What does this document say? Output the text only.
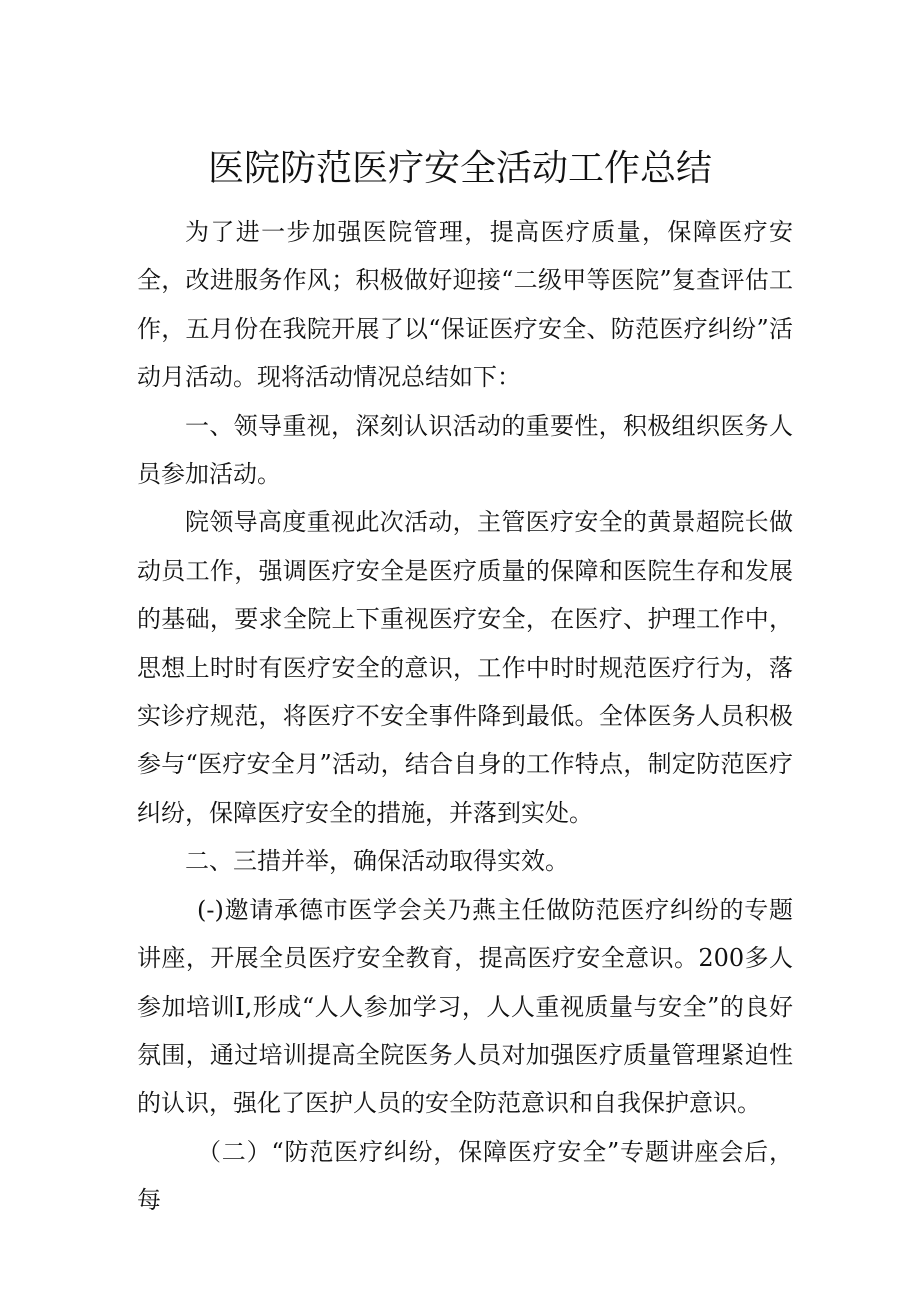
医院防范医疗安全活动工作总结

为了进一步加强医院管理，提高医疗质量，保障医疗安全，改进服务作风；积极做好迎接“二级甲等医院”复查评估工作，五月份在我院开展了以“保证医疗安全、防范医疗纠纷”活动月活动。现将活动情况总结如下：

一、领导重视，深刻认识活动的重要性，积极组织医务人员参加活动。

院领导高度重视此次活动，主管医疗安全的黄景超院长做动员工作，强调医疗安全是医疗质量的保障和医院生存和发展的基础，要求全院上下重视医疗安全，在医疗、护理工作中，思想上时时有医疗安全的意识，工作中时时规范医疗行为，落实诊疗规范，将医疗不安全事件降到最低。全体医务人员积极参与“医疗安全月”活动，结合自身的工作特点，制定防范医疗纠纷，保障医疗安全的措施，并落到实处。

二、三措并举，确保活动取得实效。

(-)邀请承德市医学会关乃燕主任做防范医疗纠纷的专题讲座，开展全员医疗安全教育，提高医疗安全意识。200多人参加培训I,形成“人人参加学习，人人重视质量与安全”的良好氛围，通过培训提高全院医务人员对加强医疗质量管理紧迫性的认识，强化了医护人员的安全防范意识和自我保护意识。

（二）“防范医疗纠纷，保障医疗安全”专题讲座会后，每
